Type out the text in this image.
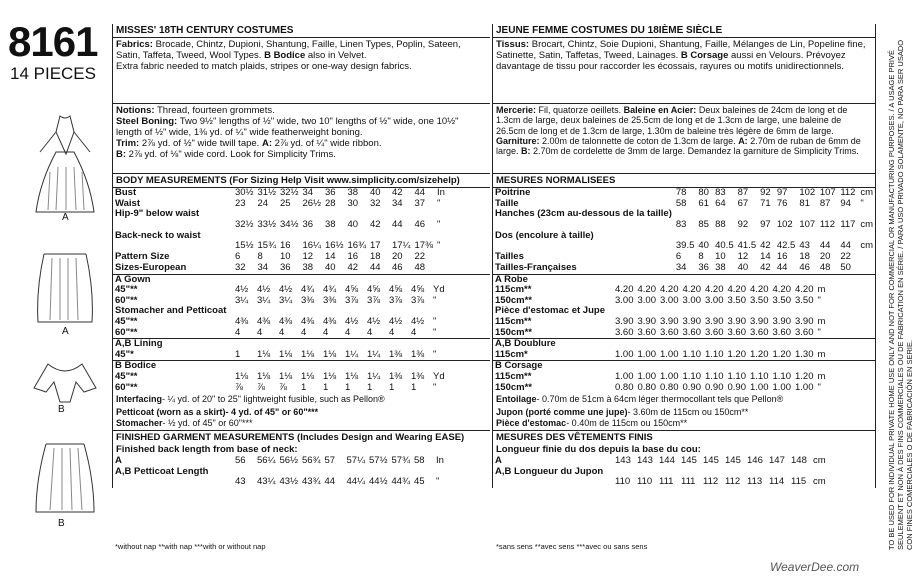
8161
14 PIECES
A
A
B
B
MISSES' 18TH CENTURY COSTUMES
Fabrics: Brocade, Chintz, Dupioni, Shantung, Faille, Linen Types, Poplin, Sateen, Satin, Taffeta, Tweed, Wool Types. B Bodice also in Velvet.
Extra fabric needed to match plaids, stripes or one-way design fabrics.
Notions: Thread, fourteen grommets.
Steel Boning: Two 9½" lengths of ½" wide, two 10" lengths of ½" wide, one 10½" length of ½" wide, 1⅜ yd. of ¼" wide featherweight boning.
Trim: 2⅞ yd. of ½" wide twill tape. A: 2⅞ yd. of ¼" wide ribbon.
B: 2⅞ yd. of ⅛" wide cord. Look for Simplicity Trims.
BODY MEASUREMENTS (For Sizing Help Visit www.simplicity.com/sizehelp)
Bust	30½	31½	32½	34	36	38	40	42	44	In
Waist	23	24	25	26½	28	30	32	34	37	"
Hip-9" below waist										
	32½	33½	34½	36	38	40	42	44	46	"
Back-neck to waist										
	15½	15¾	16	16¼	16½	16¾	17	17¼	17⅜	"
Pattern Size	6	8	10	12	14	16	18	20	22	
Sizes-European	32	34	36	38	40	42	44	46	48	
A Gown										
45"**	4½	4½	4½	4¾	4¾	4⅝	4⅝	4⅝	4⅝	Yd
60"**	3¼	3¼	3¼	3⅜	3⅜	3⅞	3⅞	3⅞	3⅞	"
Stomacher and Petticoat										
45"**	4⅜	4⅜	4⅜	4⅜	4⅜	4½	4½	4½	4½	"
60"**	4	4	4	4	4	4	4	4	4	"
A,B Lining										
45"*	1	1⅛	1⅛	1⅛	1⅛	1¼	1¼	1⅜	1⅜	"
B Bodice										
45"**	1⅛	1⅛	1⅛	1⅛	1⅛	1⅛	1¼	1⅜	1⅜	Yd
60"**	⅞	⅞	⅞	1	1	1	1	1	1	"
Interfacing- ¼ yd. of 20" to 25" lightweight fusible, such as Pellon®
Petticoat (worn as a skirt)- 4 yd. of 45" or 60"***
Stomacher- ½ yd. of 45" or 60"***
FINISHED GARMENT MEASUREMENTS (Includes Design and Wearing EASE)
Finished back length from base of neck:
A	56	56¼	56½	56¾	57	57¼	57½	57¾	58	In
A,B Petticoat Length										
	43	43¼	43½	43¾	44	44¼	44½	44¾	45	"
*without nap **with nap ***with or without nap
JEUNE FEMME COSTUMES DU 18IÈME SIÈCLE
Tissus: Brocart, Chintz, Soie Dupioni, Shantung, Faille, Mélanges de Lin, Popeline fine, Satinette, Satin, Taffetas, Tweed, Lainages. B Corsage aussi en Velours. Prévoyez davantage de tissu pour raccorder les écossais, rayures ou motifs unidirectionnels.
Mercerie: Fil, quatorze oeillets. Baleine en Acier: Deux baleines de 24cm de long et de 1.3cm de large, deux baleines de 25.5cm de long et de 1.3cm de large, une baleine de 26.5cm de long et de 1.3cm de large, 1.30m de baleine très légère de 6mm de large. Garniture: 2.00m de talonnette de coton de 1.3cm de large. A: 2.70m de ruban de 6mm de large. B: 2.70m de cordelette de 3mm de large. Demandez la garniture de Simplicity Trims.
MESURES NORMALISEES
Poitrine	78	80	83	87	92	97	102	107	112	cm
Taille	58	61	64	67	71	76	81	87	94	"
Hanches (23cm au-dessous de la taille)										
	83	85	88	92	97	102	107	112	117	cm
Dos (encolure à taille)										
	39.5	40	40.5	41.5	42	42.5	43	44	44	cm
Tailles	6	8	10	12	14	16	18	20	22	
Tailles-Françaises	34	36	38	40	42	44	46	48	50	
A Robe										
115cm**	4.20	4.20	4.20	4.20	4.20	4.20	4.20	4.20	4.20	m
150cm**	3.00	3.00	3.00	3.00	3.00	3.50	3.50	3.50	3.50	"
Pièce d'estomac et Jupe										
115cm**	3.90	3.90	3.90	3.90	3.90	3.90	3.90	3.90	3.90	m
150cm**	3.60	3.60	3.60	3.60	3.60	3.60	3.60	3.60	3.60	"
A,B Doublure										
115cm*	1.00	1.00	1.00	1.10	1.10	1.20	1.20	1.20	1.30	m
B Corsage										
115cm**	1.00	1.00	1.00	1.10	1.10	1.10	1.10	1.10	1.20	m
150cm**	0.80	0.80	0.80	0.90	0.90	0.90	1.00	1.00	1.00	"
Entoilage- 0.70m de 51cm à 64cm léger thermocollant tels que Pellon®
Jupon (porté comme une jupe)- 3.60m de 115cm ou 150cm**
Pièce d'estomac- 0.40m de 115cm ou 150cm**
MESURES DES VÊTEMENTS FINIS
Longueur finie du dos depuis la base du cou:
A	143	143	144	145	145	145	146	147	148	cm
A,B Longueur du Jupon										
	110	110	111	111	112	112	113	114	115	cm
*sans sens **avec sens ***avec ou sans sens	TO BE USED FOR INDIVIDUAL PRIVATE HOME USE ONLY AND NOT FOR COMMERCIAL OR MANUFACTURING PURPOSES. / A USAGE PRIVÉ SEULEMENT ET NON À DES FINS COMMERCIALES OU DE FABRICATION EN SÉRIE. / PARA USO PRIVADO SOLAMENTE, NO PARA SER USADO CON FINES COMERCIALES O DE FABRICACIÓN EN SERIE.
WeaverDee.com
